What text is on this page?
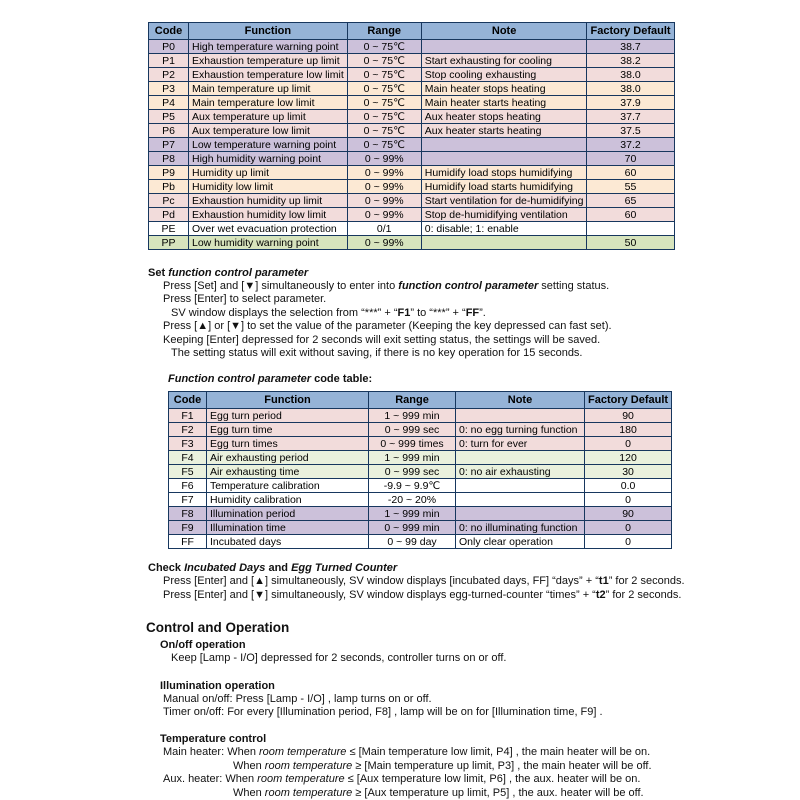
Code	Function	Range	Note	Factory Default
P0	High temperature warning point	0 ~ 75℃		38.7
P1	Exhaustion temperature up limit	0 ~ 75℃	Start exhausting for cooling	38.2
P2	Exhaustion temperature low limit	0 ~ 75℃	Stop cooling exhausting	38.0
P3	Main temperature up limit	0 ~ 75℃	Main heater stops heating	38.0
P4	Main temperature low limit	0 ~ 75℃	Main heater starts heating	37.9
P5	Aux temperature up limit	0 ~ 75℃	Aux heater stops heating	37.7
P6	Aux temperature low limit	0 ~ 75℃	Aux heater starts heating	37.5
P7	Low temperature warning point	0 ~ 75℃		37.2
P8	High humidity warning point	0 ~ 99%		70
P9	Humidity up limit	0 ~ 99%	Humidify load stops humidifying	60
Pb	Humidity low limit	0 ~ 99%	Humidify load starts humidifying	55
Pc	Exhaustion humidity up limit	0 ~ 99%	Start ventilation for de-humidifying	65
Pd	Exhaustion humidity low limit	0 ~ 99%	Stop de-humidifying ventilation	60
PE	Over wet evacuation protection	0/1	0: disable; 1: enable	
PP	Low humidity warning point	0 ~ 99%		50
Set function control parameter
Press [Set] and [▼] simultaneously to enter into function control parameter setting status.
Press [Enter] to select parameter.
SV window displays the selection from “***” + “F1” to “***” + “FF”.
Press [▲] or [▼] to set the value of the parameter (Keeping the key depressed can fast set).
Keeping [Enter] depressed for 2 seconds will exit setting status, the settings will be saved.
The setting status will exit without saving, if there is no key operation for 15 seconds.
Function control parameter code table:
Code	Function	Range	Note	Factory Default
F1	Egg turn period	1 ~ 999 min		90
F2	Egg turn time	0 ~ 999 sec	0: no egg turning function	180
F3	Egg turn times	0 ~ 999 times	0: turn for ever	0
F4	Air exhausting period	1 ~ 999 min		120
F5	Air exhausting time	0 ~ 999 sec	0: no air exhausting	30
F6	Temperature calibration	-9.9 ~ 9.9℃		0.0
F7	Humidity calibration	-20 ~ 20%		0
F8	Illumination period	1 ~ 999 min		90
F9	Illumination time	0 ~ 999 min	0: no illuminating function	0
FF	Incubated days	0 ~ 99 day	Only clear operation	0
Check Incubated Days and Egg Turned Counter
Press [Enter] and [▲] simultaneously, SV window displays [incubated days, FF] “days” + “t1” for 2 seconds.
Press [Enter] and [▼] simultaneously, SV window displays egg-turned-counter “times” + “t2” for 2 seconds.
Control and Operation
On/off operation
Keep [Lamp - I/O] depressed for 2 seconds, controller turns on or off.
Illumination operation
Manual on/off: Press [Lamp - I/O] , lamp turns on or off.
Timer on/off: For every [Illumination period, F8] , lamp will be on for [Illumination time, F9] .
Temperature control
Main heater: When room temperature ≤ [Main temperature low limit, P4] , the main heater will be on.
When room temperature ≥ [Main temperature up limit, P3] , the main heater will be off.
Aux. heater: When room temperature ≤ [Aux temperature low limit, P6] , the aux. heater will be on.
When room temperature ≥ [Aux temperature up limit, P5] , the aux. heater will be off.
